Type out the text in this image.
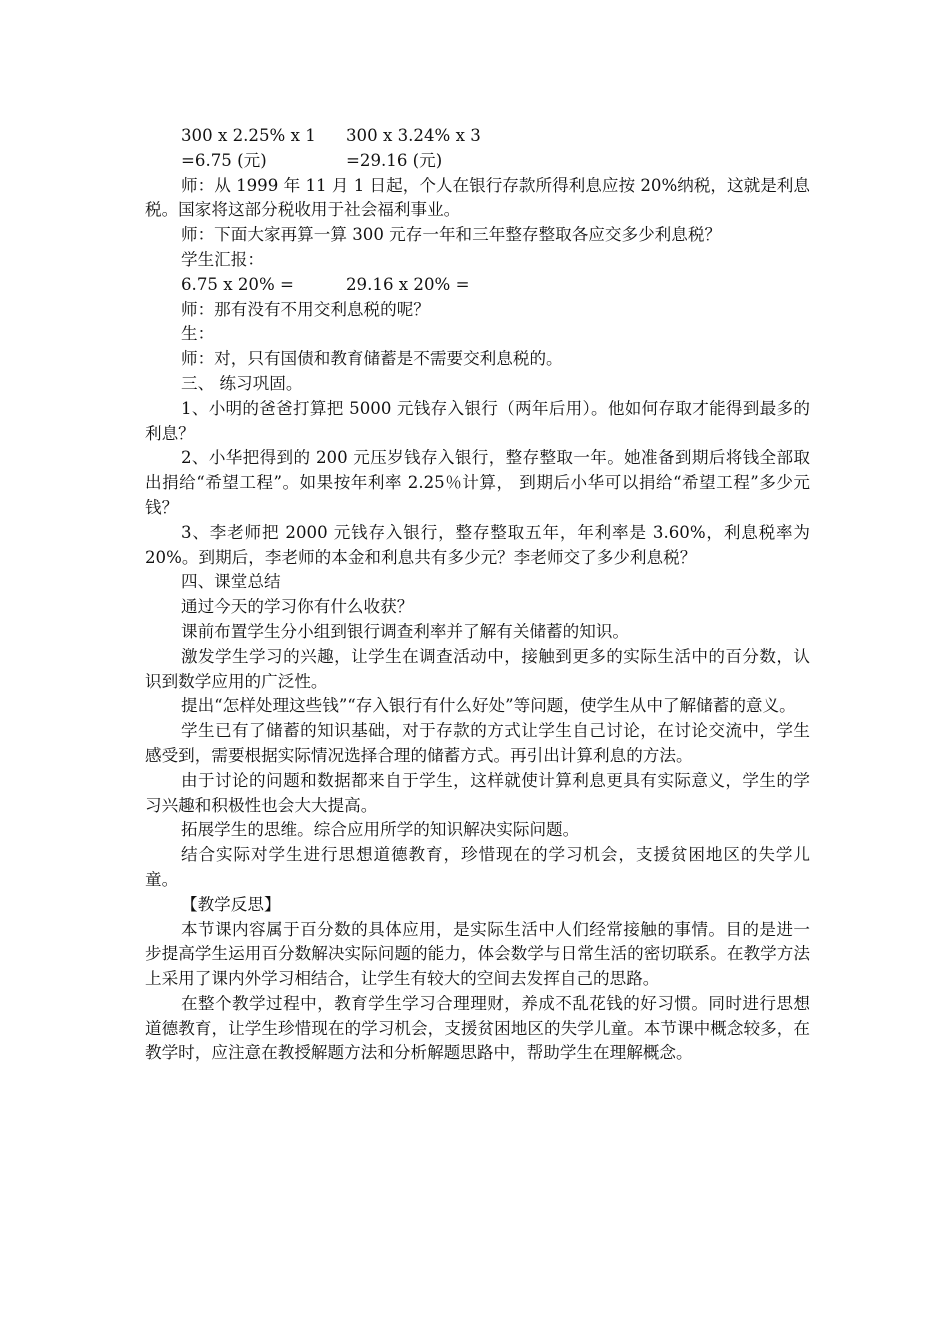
300 x 2.25% x 1 300 x 3.24% x 3
=6.75 (元)	=29.16 (元)

师：从 1999 年 11 月 1 日起，个人在银行存款所得利息应按 20%纳税，这就是利息税。国家将这部分税收用于社会福利事业。

师：下面大家再算一算 300 元存一年和三年整存整取各应交多少利息税？

学生汇报：

6.75 x 20% =	29.16 x 20% =

师：那有没有不用交利息税的呢？

生：

师：对，只有国债和教育储蓄是不需要交利息税的。

三、 练习巩固。

1、小明的爸爸打算把 5000 元钱存入银行（两年后用）。他如何存取才能得到最多的利息？

2、小华把得到的 200 元压岁钱存入银行，整存整取一年。她准备到期后将钱全部取出捐给“希望工程”。如果按年利率 2.25％计算， 到期后小华可以捐给“希望工程”多少元钱？

3、李老师把 2000 元钱存入银行，整存整取五年，年利率是 3.60%，利息税率为 20%。到期后，李老师的本金和利息共有多少元？李老师交了多少利息税？

四、课堂总结

通过今天的学习你有什么收获？

课前布置学生分小组到银行调查利率并了解有关储蓄的知识。

激发学生学习的兴趣，让学生在调查活动中，接触到更多的实际生活中的百分数，认识到数学应用的广泛性。

提出“怎样处理这些钱”“存入银行有什么好处”等问题，使学生从中了解储蓄的意义。

学生已有了储蓄的知识基础，对于存款的方式让学生自己讨论，在讨论交流中，学生感受到，需要根据实际情况选择合理的储蓄方式。再引出计算利息的方法。

由于讨论的问题和数据都来自于学生，这样就使计算利息更具有实际意义，学生的学习兴趣和积极性也会大大提高。

拓展学生的思维。综合应用所学的知识解决实际问题。

结合实际对学生进行思想道德教育，珍惜现在的学习机会，支援贫困地区的失学儿童。

【教学反思】

本节课内容属于百分数的具体应用，是实际生活中人们经常接触的事情。目的是进一步提高学生运用百分数解决实际问题的能力，体会数学与日常生活的密切联系。在教学方法上采用了课内外学习相结合，让学生有较大的空间去发挥自己的思路。

在整个教学过程中，教育学生学习合理理财，养成不乱花钱的好习惯。同时进行思想道德教育，让学生珍惜现在的学习机会，支援贫困地区的失学儿童。本节课中概念较多，在教学时，应注意在教授解题方法和分析解题思路中，帮助学生在理解概念。
